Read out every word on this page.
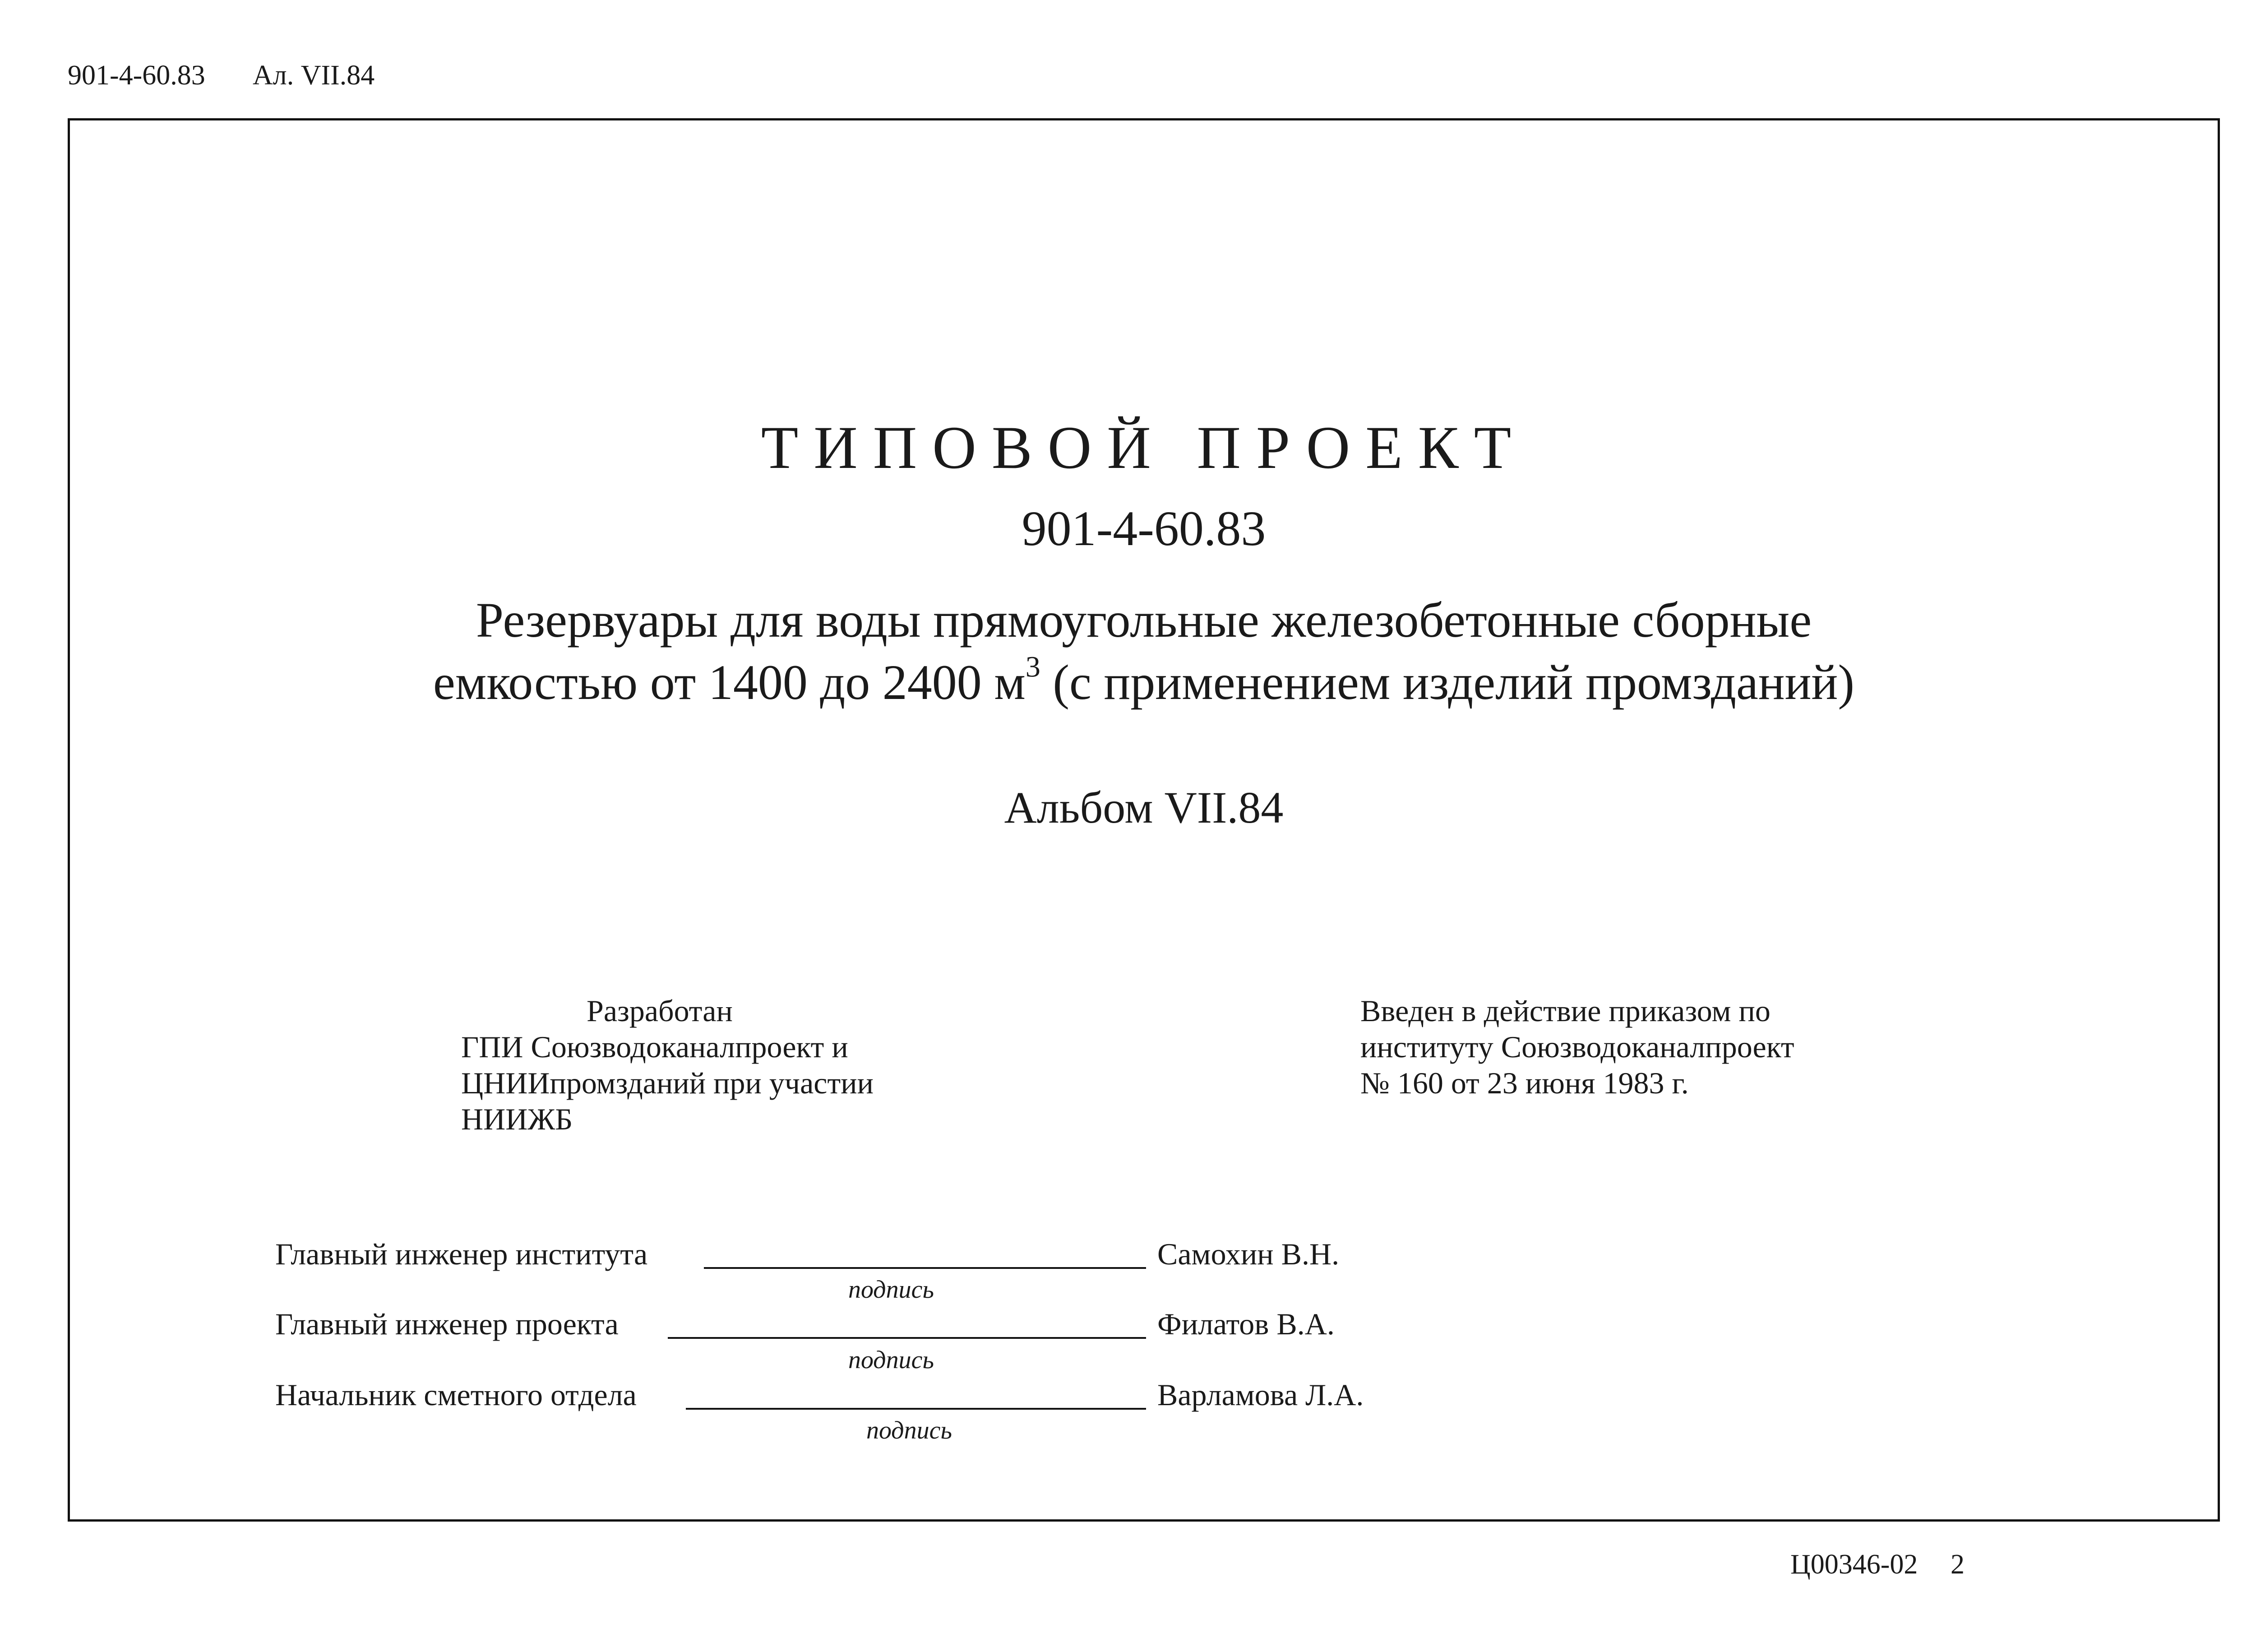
901-4-60.83 Ал. VII.84
ТИПОВОЙ ПРОЕКТ
901-4-60.83
Резервуары для воды прямоугольные железобетонные сборные
емкостью от 1400 до 2400 $м^3$ (с применением изделий промзданий)
Альбом VII.84
Разработан
ГПИ Союзводоканалпроект и
ЦНИИпромзданий при участии
НИИЖБ
Введен в действие приказом по
институту Союзводоканалпроект
№ 160 от 23 июня 1983 г.
Главный инженер института	Самохин В.Н.
подпись
Главный инженер проекта	Филатов В.А.
подпись
Начальник сметного отдела	Варламова Л.А.
подпись
Ц00346-02 2
